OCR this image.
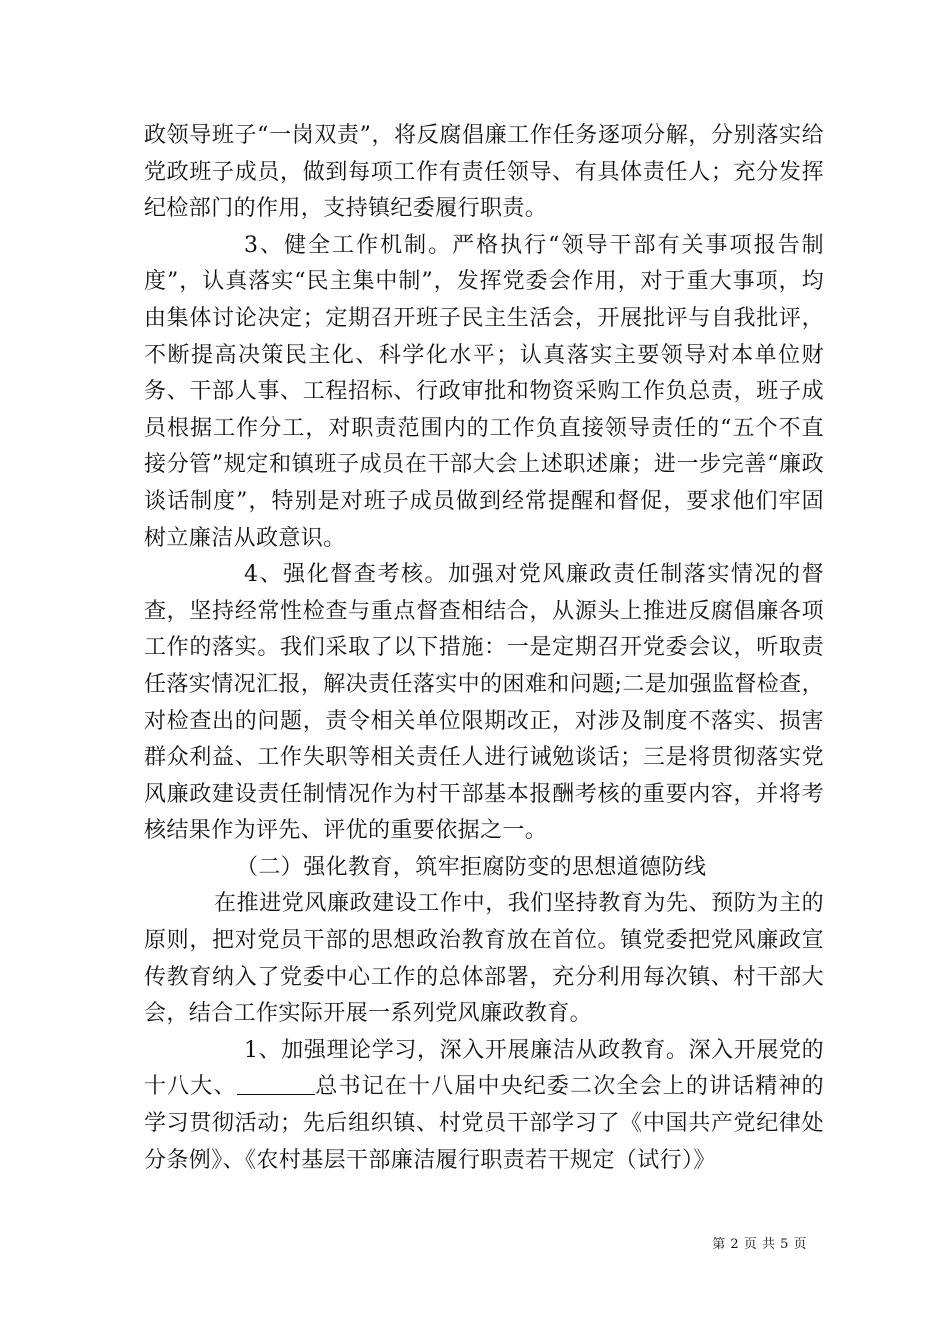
政领导班子“一岗双责”，将反腐倡廉工作任务逐项分解，分别落实给党政班子成员，做到每项工作有责任领导、有具体责任人；充分发挥纪检部门的作用，支持镇纪委履行职责。

3、健全工作机制。严格执行“领导干部有关事项报告制度”，认真落实“民主集中制”，发挥党委会作用，对于重大事项，均由集体讨论决定；定期召开班子民主生活会，开展批评与自我批评，不断提高决策民主化、科学化水平；认真落实主要领导对本单位财务、干部人事、工程招标、行政审批和物资采购工作负总责，班子成员根据工作分工，对职责范围内的工作负直接领导责任的“五个不直接分管”规定和镇班子成员在干部大会上述职述廉；进一步完善“廉政谈话制度”，特别是对班子成员做到经常提醒和督促，要求他们牢固树立廉洁从政意识。

4、强化督查考核。加强对党风廉政责任制落实情况的督查，坚持经常性检查与重点督查相结合，从源头上推进反腐倡廉各项工作的落实。我们采取了以下措施：一是定期召开党委会议，听取责任落实情况汇报，解决责任落实中的困难和问题;二是加强监督检查，对检查出的问题，责令相关单位限期改正，对涉及制度不落实、损害群众利益、工作失职等相关责任人进行诫勉谈话；三是将贯彻落实党风廉政建设责任制情况作为村干部基本报酬考核的重要内容，并将考核结果作为评先、评优的重要依据之一。

（二）强化教育，筑牢拒腐防变的思想道德防线

在推进党风廉政建设工作中，我们坚持教育为先、预防为主的原则，把对党员干部的思想政治教育放在首位。镇党委把党风廉政宣传教育纳入了党委中心工作的总体部署，充分利用每次镇、村干部大会，结合工作实际开展一系列党风廉政教育。

1、加强理论学习，深入开展廉洁从政教育。深入开展党的十八大、	总书记在十八届中央纪委二次全会上的讲话精神的学习贯彻活动；先后组织镇、村党员干部学习了《中国共产党纪律处分条例》、《农村基层干部廉洁履行职责若干规定（试行）》

第 2 页 共 5 页
